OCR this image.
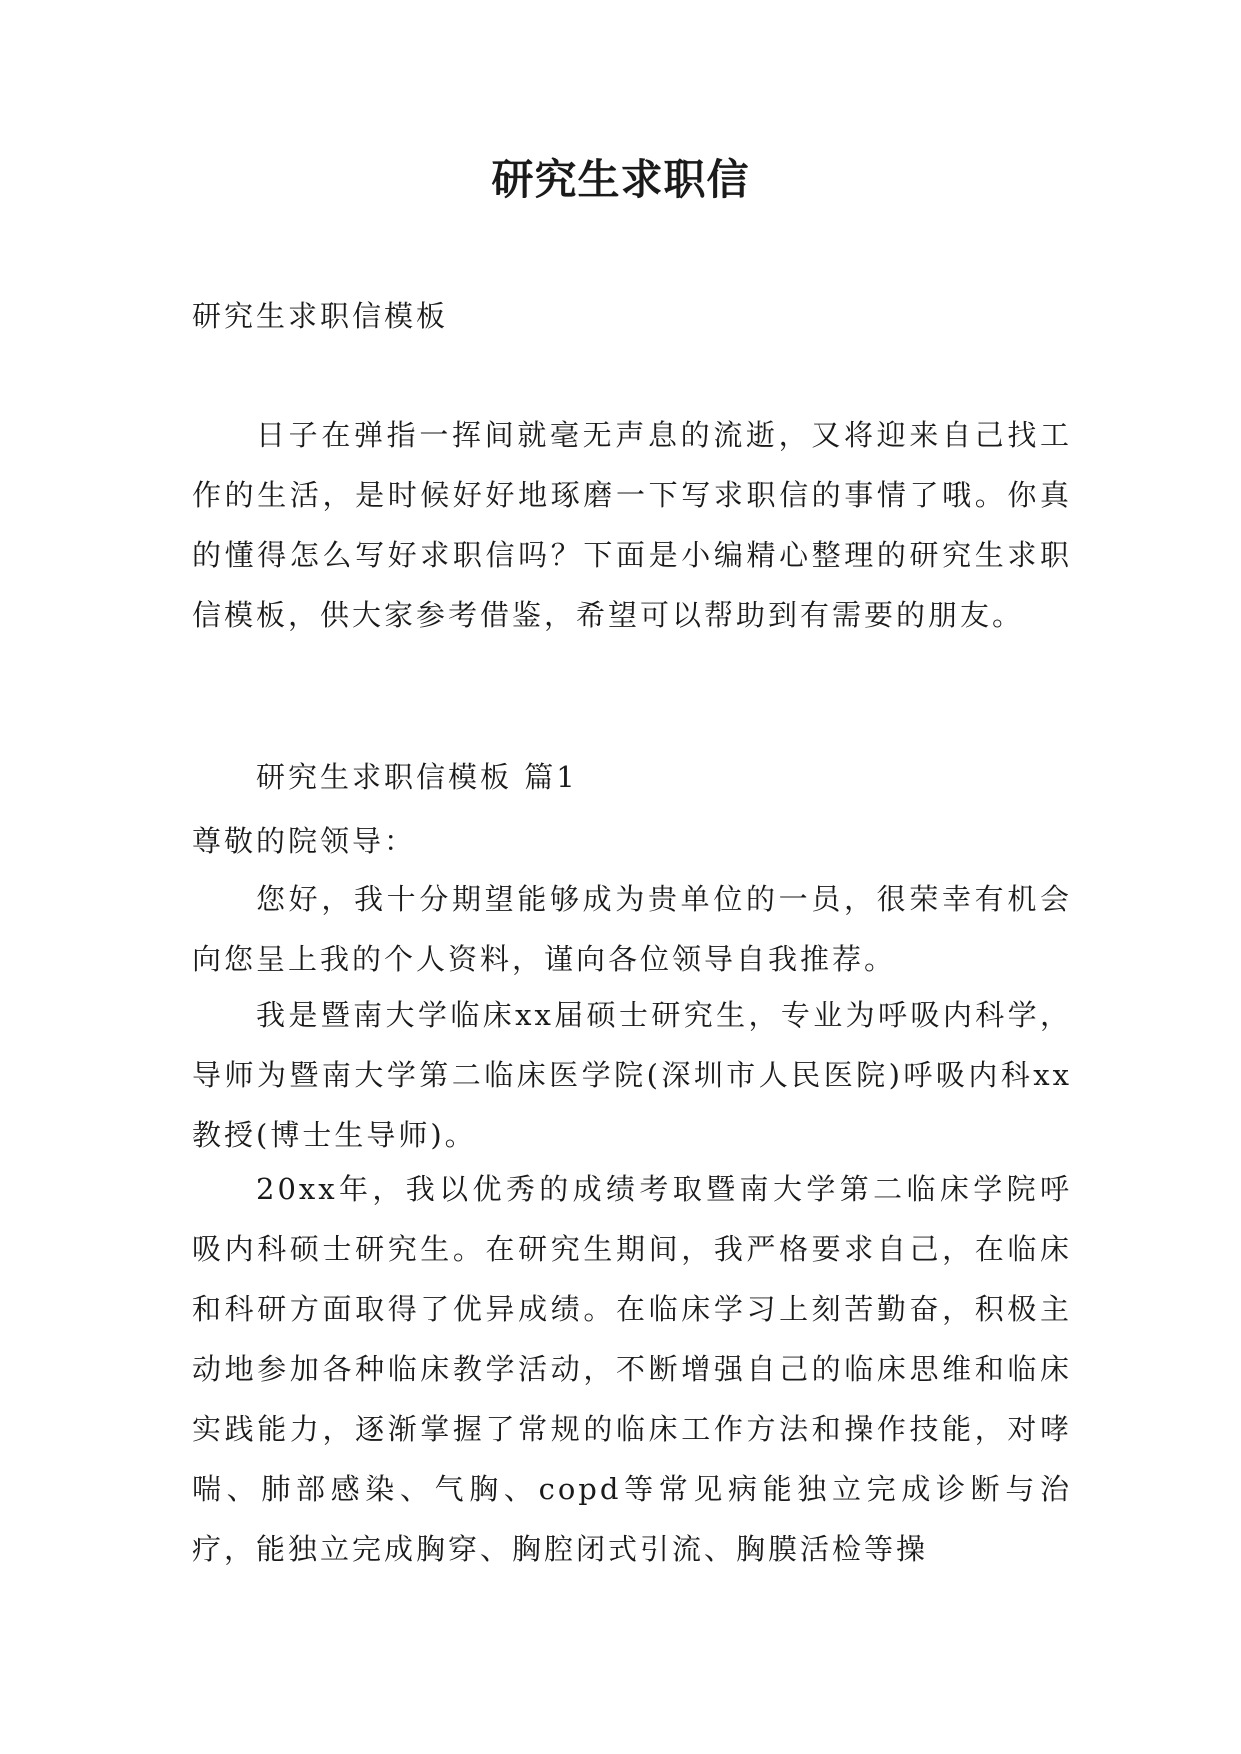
研究生求职信
研究生求职信模板
日子在弹指一挥间就毫无声息的流逝，又将迎来自己找工作的生活，是时候好好地琢磨一下写求职信的事情了哦。你真的懂得怎么写好求职信吗？下面是小编精心整理的研究生求职信模板，供大家参考借鉴，希望可以帮助到有需要的朋友。
研究生求职信模板 篇1
尊敬的院领导：
您好，我十分期望能够成为贵单位的一员，很荣幸有机会向您呈上我的个人资料，谨向各位领导自我推荐。
我是暨南大学临床xx届硕士研究生，专业为呼吸内科学，导师为暨南大学第二临床医学院(深圳市人民医院)呼吸内科xx教授(博士生导师)。
20xx年，我以优秀的成绩考取暨南大学第二临床学院呼吸内科硕士研究生。在研究生期间，我严格要求自己，在临床和科研方面取得了优异成绩。在临床学习上刻苦勤奋，积极主动地参加各种临床教学活动，不断增强自己的临床思维和临床实践能力，逐渐掌握了常规的临床工作方法和操作技能，对哮喘、肺部感染、气胸、copd等常见病能独立完成诊断与治疗，能独立完成胸穿、胸腔闭式引流、胸膜活检等操
